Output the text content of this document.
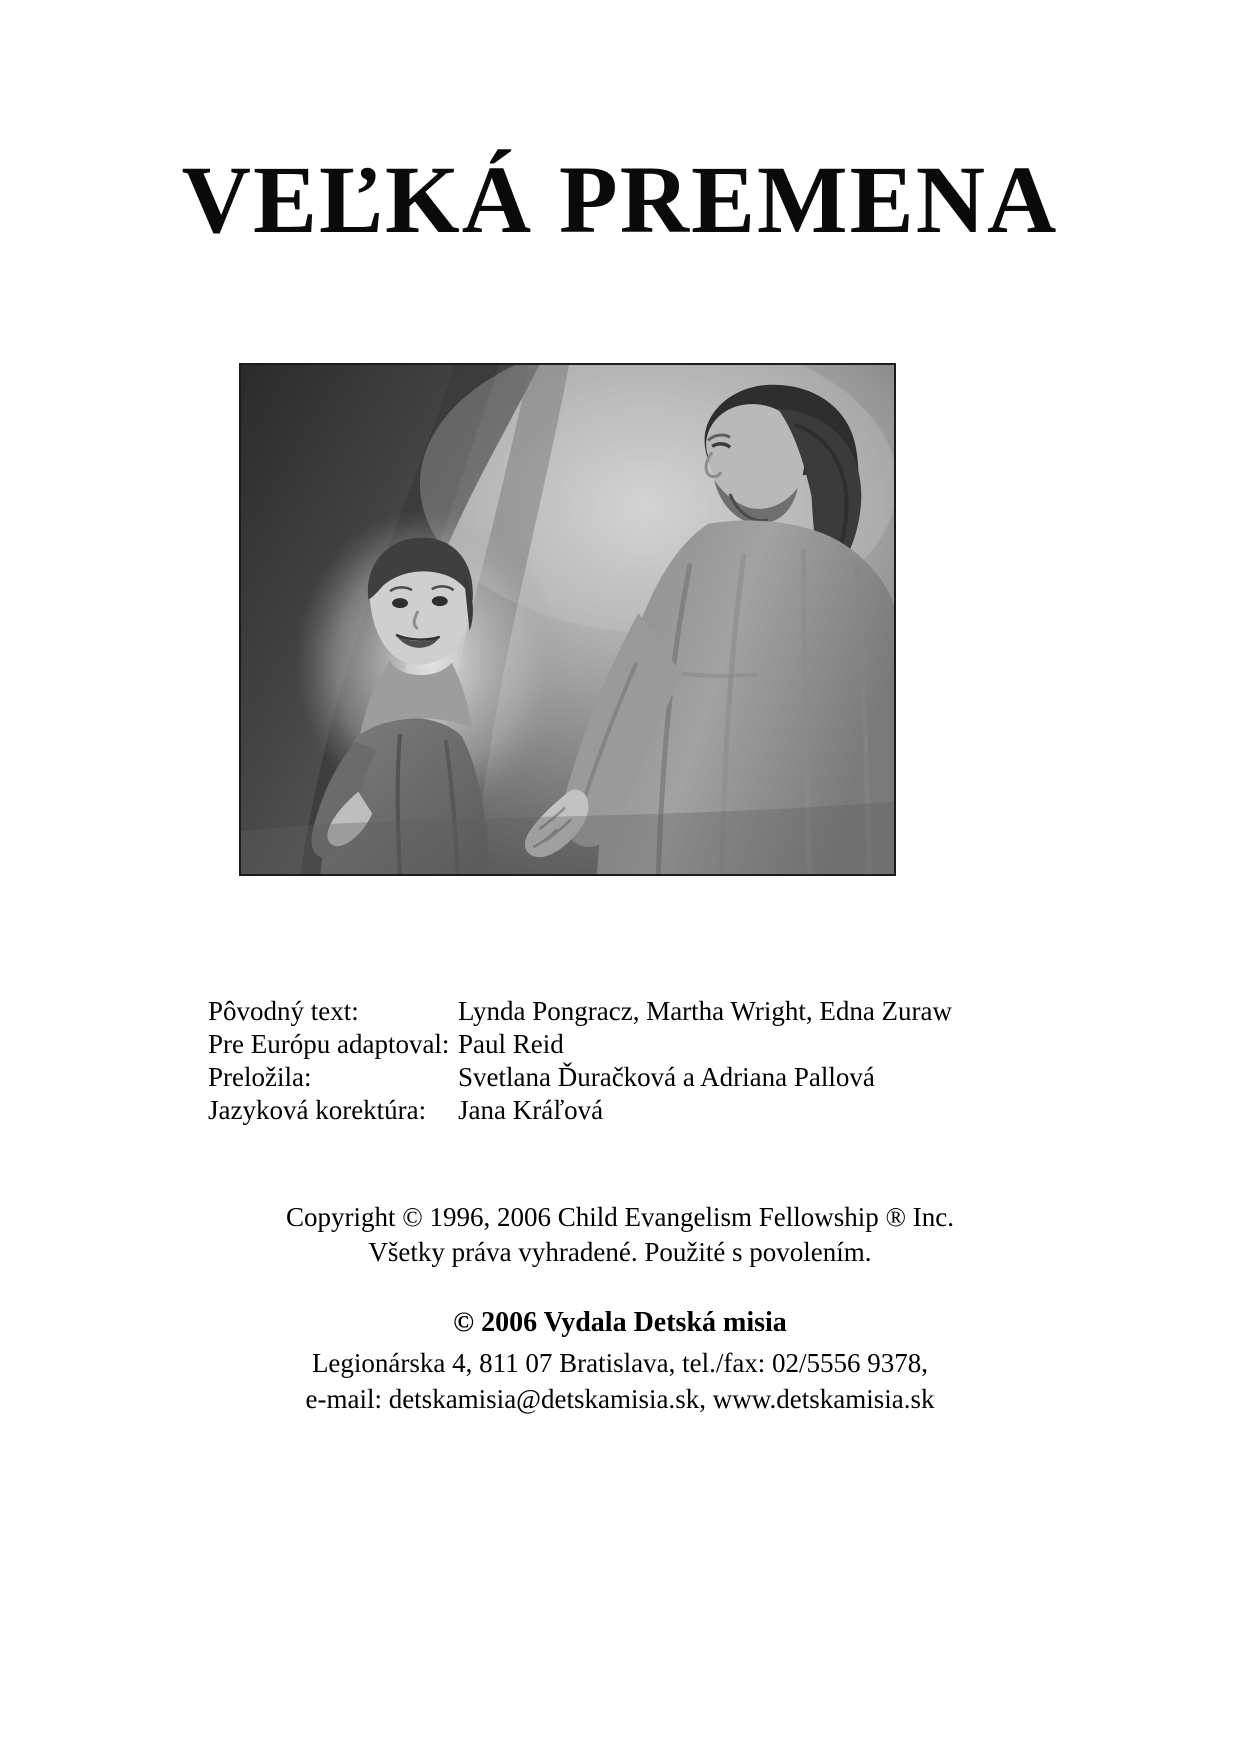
VEĽKÁ PREMENA
Pôvodný text:	Lynda Pongracz, Martha Wright, Edna Zuraw
Pre Európu adaptoval: Paul Reid
Preložila:	Svetlana Ďuračková a Adriana Pallová
Jazyková korektúra:	Jana Kráľová
Copyright © 1996, 2006 Child Evangelism Fellowship ® Inc.
Všetky práva vyhradené. Použité s povolením.
© 2006 Vydala Detská misia
Legionárska 4, 811 07 Bratislava, tel./fax: 02/5556 9378,
e-mail: detskamisia@detskamisia.sk, www.detskamisia.sk
